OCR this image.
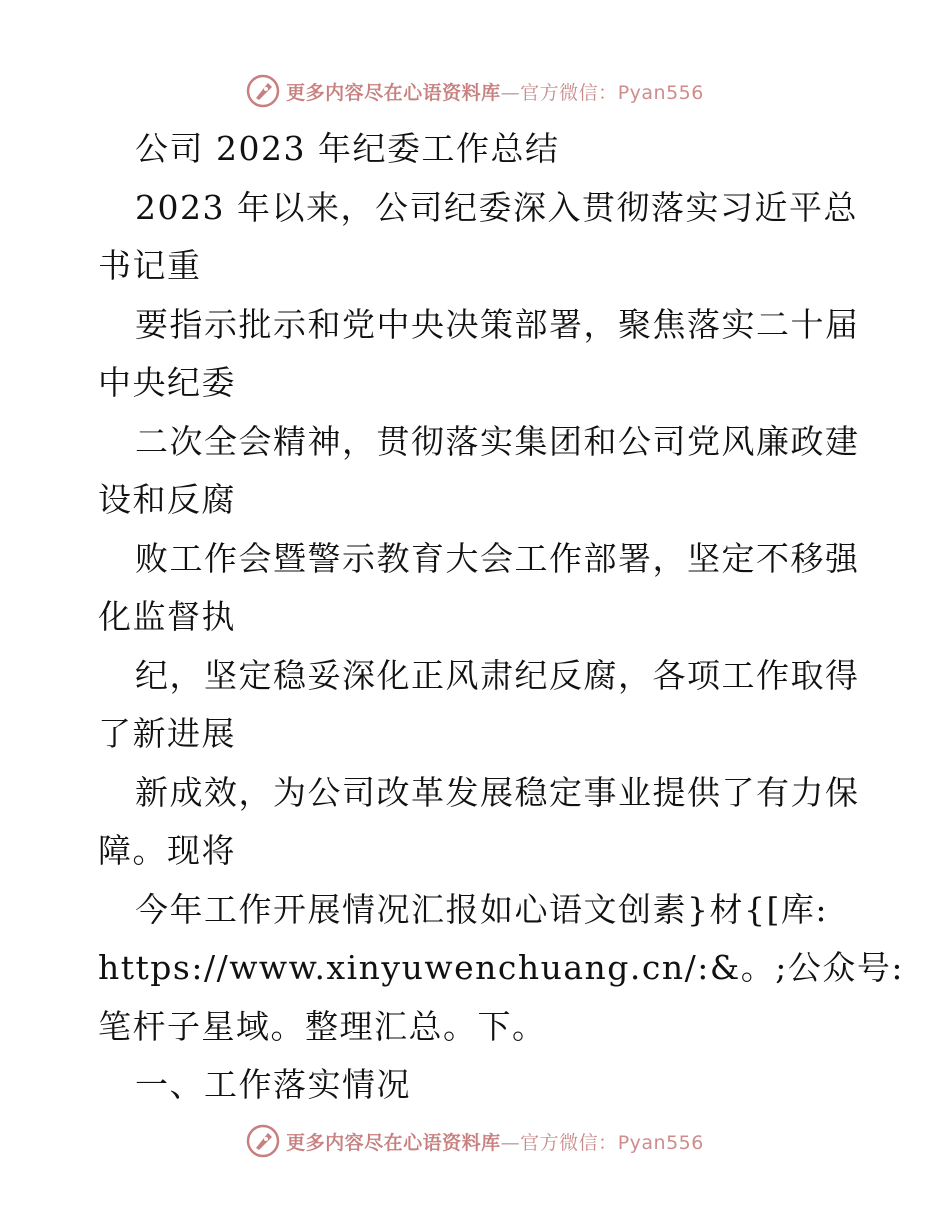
更多内容尽在心语资料库—官方微信：Pyan556
公司 2023 年纪委工作总结
2023 年以来，公司纪委深入贯彻落实习近平总
书记重
要指示批示和党中央决策部署，聚焦落实二十届
中央纪委
二次全会精神，贯彻落实集团和公司党风廉政建
设和反腐
败工作会暨警示教育大会工作部署，坚定不移强
化监督执
纪，坚定稳妥深化正风肃纪反腐，各项工作取得
了新进展
新成效，为公司改革发展稳定事业提供了有力保
障。现将
今年工作开展情况汇报如心语文创素}材{[库:
https://www.xinyuwenchuang.cn/:&。;公众号:
笔杆子星域。整理汇总。下。
一、工作落实情况
更多内容尽在心语资料库—官方微信：Pyan556
